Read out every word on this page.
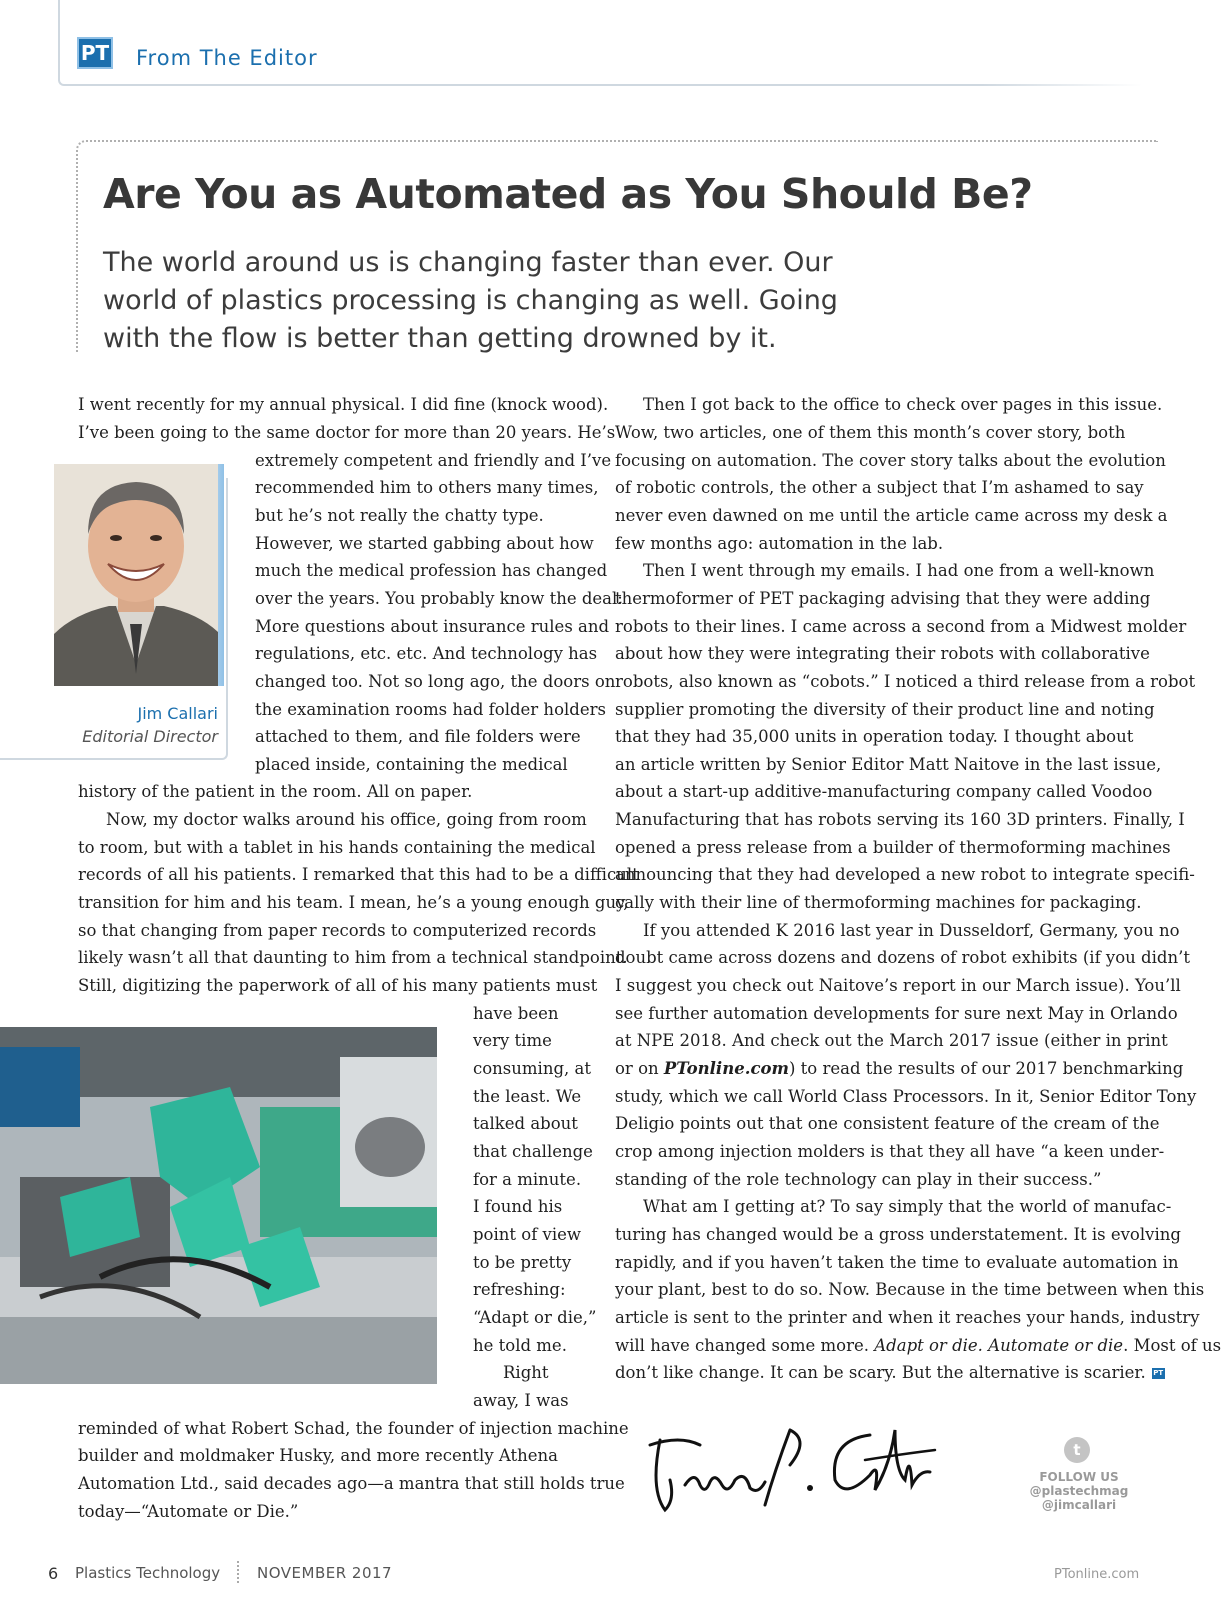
PT From The Editor
Are You as Automated as You Should Be?

The world around us is changing faster than ever. Our world of plastics processing is changing as well. Going with the flow is better than getting drowned by it.

Jim Callari
Editorial Director
I went recently for my annual physical. I did fine (knock wood).
I’ve been going to the same doctor for more than 20 years. He’s
extremely competent and friendly and I’ve
recommended him to others many times,
but he’s not really the chatty type.
However, we started gabbing about how
much the medical profession has changed
over the years. You probably know the deal:
More questions about insurance rules and
regulations, etc. etc. And technology has
changed too. Not so long ago, the doors on
the examination rooms had folder holders
attached to them, and file folders were
placed inside, containing the medical
history of the patient in the room. All on paper.
Now, my doctor walks around his office, going from room
to room, but with a tablet in his hands containing the medical
records of all his patients. I remarked that this had to be a difficult
transition for him and his team. I mean, he’s a young enough guy,
so that changing from paper records to computerized records
likely wasn’t all that daunting to him from a technical standpoint.
Still, digitizing the paperwork of all of his many patients must
have been
very time
consuming, at
the least. We
talked about
that challenge
for a minute.
I found his
point of view
to be pretty
refreshing:
“Adapt or die,”
he told me.
Right
away, I was
reminded of what Robert Schad, the founder of injection machine
builder and moldmaker Husky, and more recently Athena
Automation Ltd., said decades ago—a mantra that still holds true
today—“Automate or Die.”
Then I got back to the office to check over pages in this issue.
Wow, two articles, one of them this month’s cover story, both
focusing on automation. The cover story talks about the evolution
of robotic controls, the other a subject that I’m ashamed to say
never even dawned on me until the article came across my desk a
few months ago: automation in the lab.
Then I went through my emails. I had one from a well-known
thermoformer of PET packaging advising that they were adding
robots to their lines. I came across a second from a Midwest molder
about how they were integrating their robots with collaborative
robots, also known as “cobots.” I noticed a third release from a robot
supplier promoting the diversity of their product line and noting
that they had 35,000 units in operation today. I thought about
an article written by Senior Editor Matt Naitove in the last issue,
about a start-up additive-manufacturing company called Voodoo
Manufacturing that has robots serving its 160 3D printers. Finally, I
opened a press release from a builder of thermoforming machines
announcing that they had developed a new robot to integrate specifi-
cally with their line of thermoforming machines for packaging.
If you attended K 2016 last year in Dusseldorf, Germany, you no
doubt came across dozens and dozens of robot exhibits (if you didn’t
I suggest you check out Naitove’s report in our March issue). You’ll
see further automation developments for sure next May in Orlando
at NPE 2018. And check out the March 2017 issue (either in print
or on PTonline.com) to read the results of our 2017 benchmarking
study, which we call World Class Processors. In it, Senior Editor Tony
Deligio points out that one consistent feature of the cream of the
crop among injection molders is that they all have “a keen under-
standing of the role technology can play in their success.”
What am I getting at? To say simply that the world of manufac-
turing has changed would be a gross understatement. It is evolving
rapidly, and if you haven’t taken the time to evaluate automation in
your plant, best to do so. Now. Because in the time between when this
article is sent to the printer and when it reaches your hands, industry
will have changed some more. Adapt or die. Automate or die. Most of us
don’t like change. It can be scary. But the alternative is scarier. PT
t
FOLLOW US
@plastechmag
@jimcallari
6 Plastics Technology NOVEMBER 2017	PTonline.com
